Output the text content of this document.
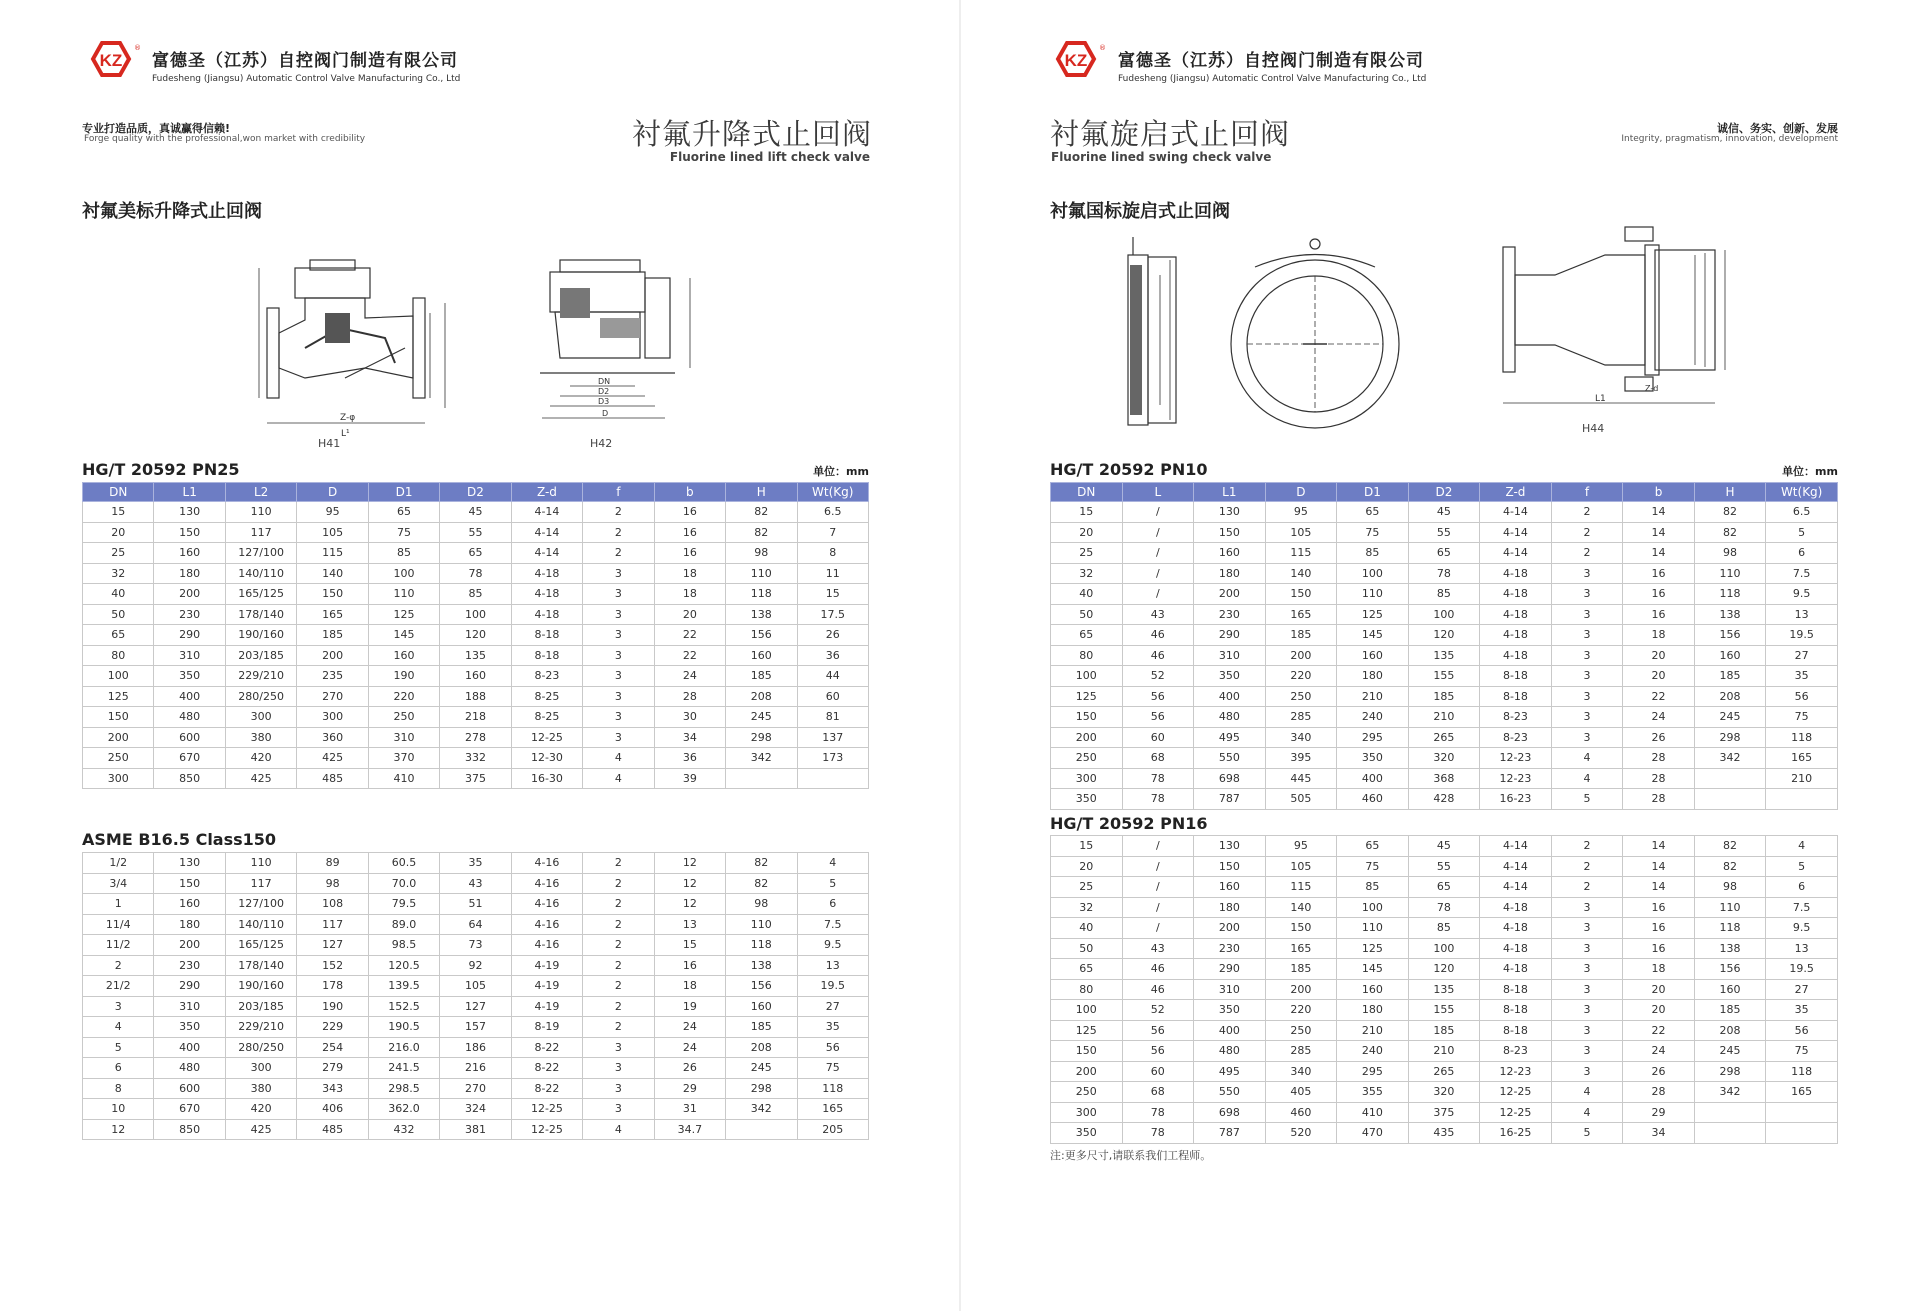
KZ
®
富德圣（江苏）自控阀门制造有限公司
Fudesheng (Jiangsu) Automatic Control Valve Manufacturing Co., Ltd
专业打造品质，真诚赢得信赖!
Forge quality with the professional,won market with credibility	衬氟升降式止回阀
Fluorine lined lift check valve
衬氟美标升降式止回阀
Z-φ
L¹
H41
DN
D2
D3
D
H42
HG/T 20592 PN25	单位：mm
DN	L1	L2	D	D1	D2	Z-d	f	b	H	Wt(Kg)
15	130	110	95	65	45	4-14	2	16	82	6.5
20	150	117	105	75	55	4-14	2	16	82	7
25	160	127/100	115	85	65	4-14	2	16	98	8
32	180	140/110	140	100	78	4-18	3	18	110	11
40	200	165/125	150	110	85	4-18	3	18	118	15
50	230	178/140	165	125	100	4-18	3	20	138	17.5
65	290	190/160	185	145	120	8-18	3	22	156	26
80	310	203/185	200	160	135	8-18	3	22	160	36
100	350	229/210	235	190	160	8-23	3	24	185	44
125	400	280/250	270	220	188	8-25	3	28	208	60
150	480	300	300	250	218	8-25	3	30	245	81
200	600	380	360	310	278	12-25	3	34	298	137
250	670	420	425	370	332	12-30	4	36	342	173
300	850	425	485	410	375	16-30	4	39		
ASME B16.5 Class150
1/2	130	110	89	60.5	35	4-16	2	12	82	4
3/4	150	117	98	70.0	43	4-16	2	12	82	5
1	160	127/100	108	79.5	51	4-16	2	12	98	6
11/4	180	140/110	117	89.0	64	4-16	2	13	110	7.5
11/2	200	165/125	127	98.5	73	4-16	2	15	118	9.5
2	230	178/140	152	120.5	92	4-19	2	16	138	13
21/2	290	190/160	178	139.5	105	4-19	2	18	156	19.5
3	310	203/185	190	152.5	127	4-19	2	19	160	27
4	350	229/210	229	190.5	157	8-19	2	24	185	35
5	400	280/250	254	216.0	186	8-22	3	24	208	56
6	480	300	279	241.5	216	8-22	3	26	245	75
8	600	380	343	298.5	270	8-22	3	29	298	118
10	670	420	406	362.0	324	12-25	3	31	342	165
12	850	425	485	432	381	12-25	4	34.7		205
KZ
®
富德圣（江苏）自控阀门制造有限公司
Fudesheng (Jiangsu) Automatic Control Valve Manufacturing Co., Ltd
衬氟旋启式止回阀
Fluorine lined swing check valve
诚信、务实、创新、发展
Integrity, pragmatism, innovation, development
衬氟国标旋启式止回阀
L1
Z-d
H44
HG/T 20592 PN10	单位：mm
DN	L	L1	D	D1	D2	Z-d	f	b	H	Wt(Kg)
15	/	130	95	65	45	4-14	2	14	82	6.5
20	/	150	105	75	55	4-14	2	14	82	5
25	/	160	115	85	65	4-14	2	14	98	6
32	/	180	140	100	78	4-18	3	16	110	7.5
40	/	200	150	110	85	4-18	3	16	118	9.5
50	43	230	165	125	100	4-18	3	16	138	13
65	46	290	185	145	120	4-18	3	18	156	19.5
80	46	310	200	160	135	4-18	3	20	160	27
100	52	350	220	180	155	8-18	3	20	185	35
125	56	400	250	210	185	8-18	3	22	208	56
150	56	480	285	240	210	8-23	3	24	245	75
200	60	495	340	295	265	8-23	3	26	298	118
250	68	550	395	350	320	12-23	4	28	342	165
300	78	698	445	400	368	12-23	4	28		210
350	78	787	505	460	428	16-23	5	28		
HG/T 20592 PN16
15	/	130	95	65	45	4-14	2	14	82	4
20	/	150	105	75	55	4-14	2	14	82	5
25	/	160	115	85	65	4-14	2	14	98	6
32	/	180	140	100	78	4-18	3	16	110	7.5
40	/	200	150	110	85	4-18	3	16	118	9.5
50	43	230	165	125	100	4-18	3	16	138	13
65	46	290	185	145	120	4-18	3	18	156	19.5
80	46	310	200	160	135	8-18	3	20	160	27
100	52	350	220	180	155	8-18	3	20	185	35
125	56	400	250	210	185	8-18	3	22	208	56
150	56	480	285	240	210	8-23	3	24	245	75
200	60	495	340	295	265	12-23	3	26	298	118
250	68	550	405	355	320	12-25	4	28	342	165
300	78	698	460	410	375	12-25	4	29		
350	78	787	520	470	435	16-25	5	34		
注:更多尺寸,请联系我们工程师。
